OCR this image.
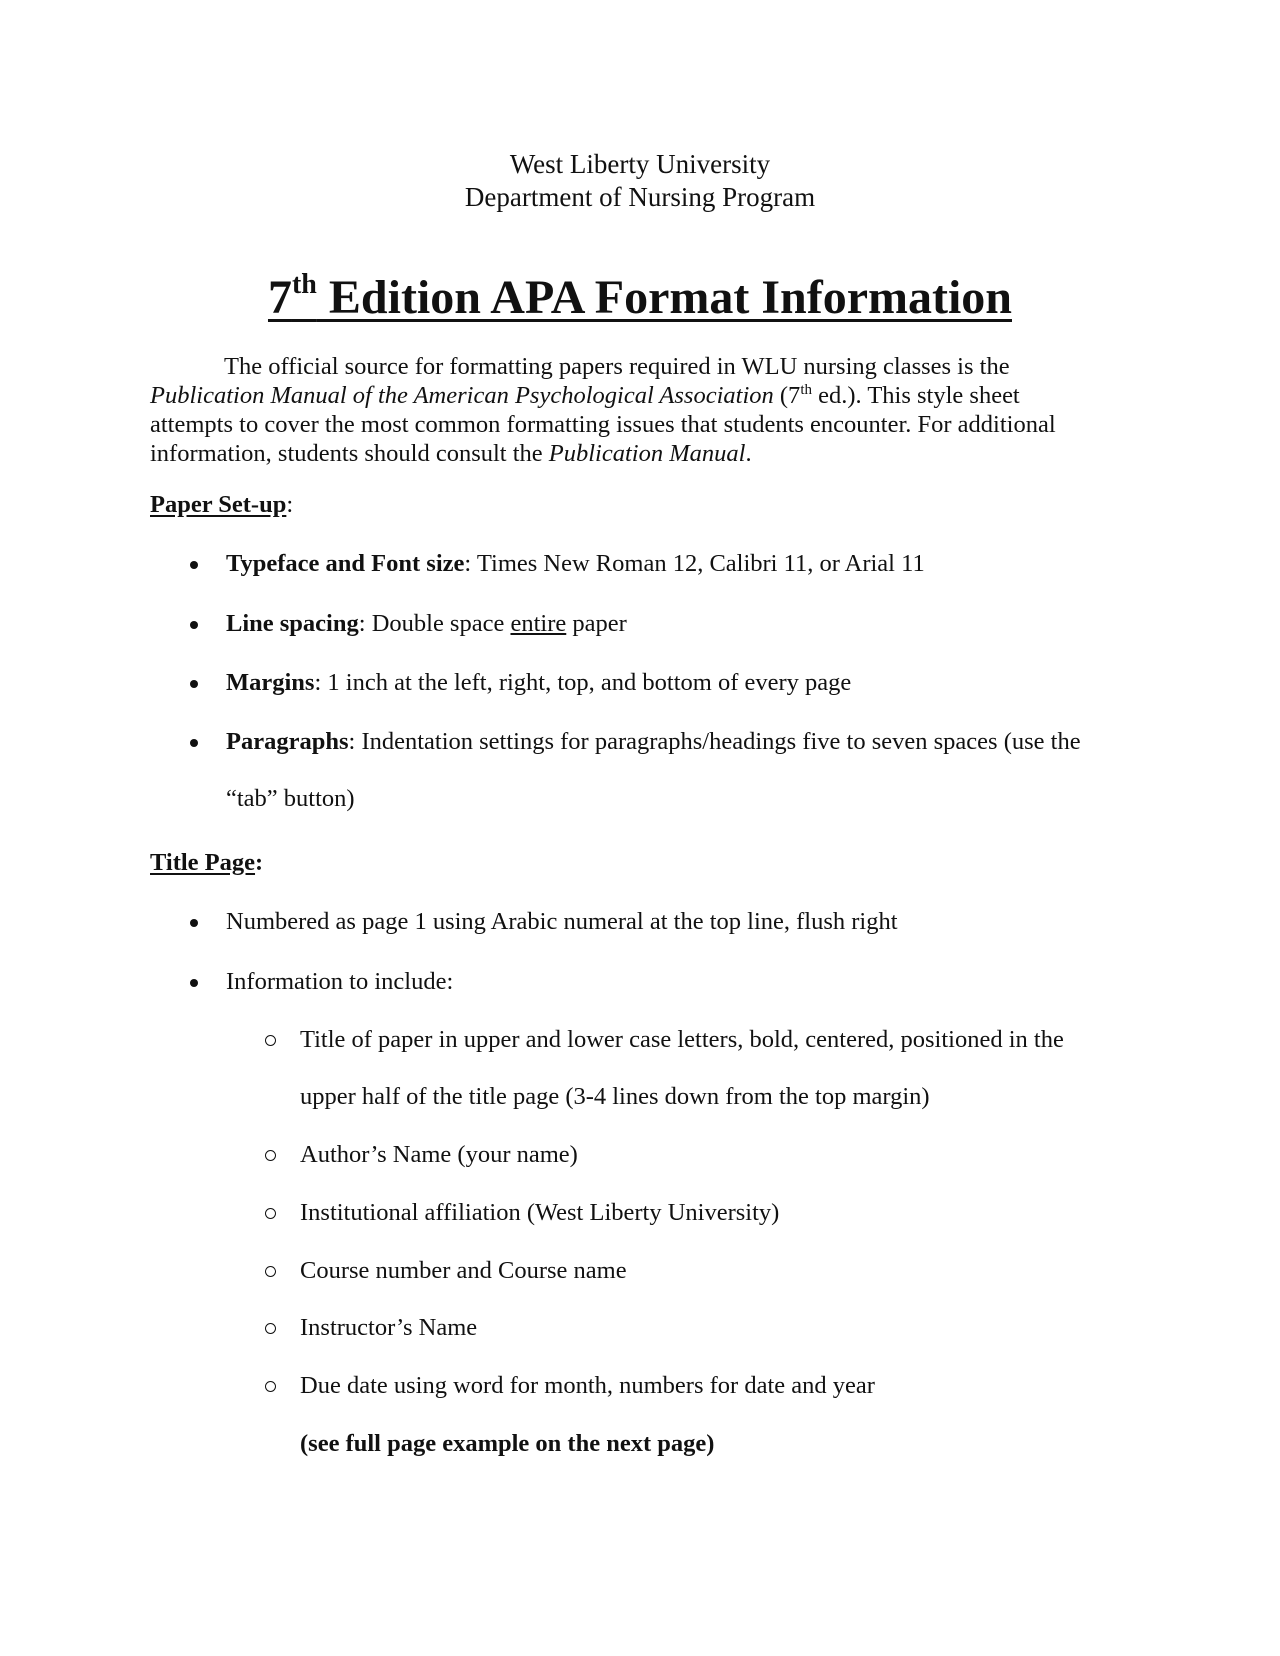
West Liberty University
Department of Nursing Program
7th Edition APA Format Information
The official source for formatting papers required in WLU nursing classes is the
Publication Manual of the American Psychological Association (7th ed.). This style sheet
attempts to cover the most common formatting issues that students encounter. For additional
information, students should consult the Publication Manual.
Paper Set-up:
Typeface and Font size: Times New Roman 12, Calibri 11, or Arial 11
Line spacing: Double space entire paper
Margins: 1 inch at the left, right, top, and bottom of every page
Paragraphs: Indentation settings for paragraphs/headings five to seven spaces (use the
“tab” button)
Title Page:
Numbered as page 1 using Arabic numeral at the top line, flush right
Information to include:
Title of paper in upper and lower case letters, bold, centered, positioned in the
upper half of the title page (3-4 lines down from the top margin)
Author’s Name (your name)
Institutional affiliation (West Liberty University)
Course number and Course name
Instructor’s Name
Due date using word for month, numbers for date and year
(see full page example on the next page)
